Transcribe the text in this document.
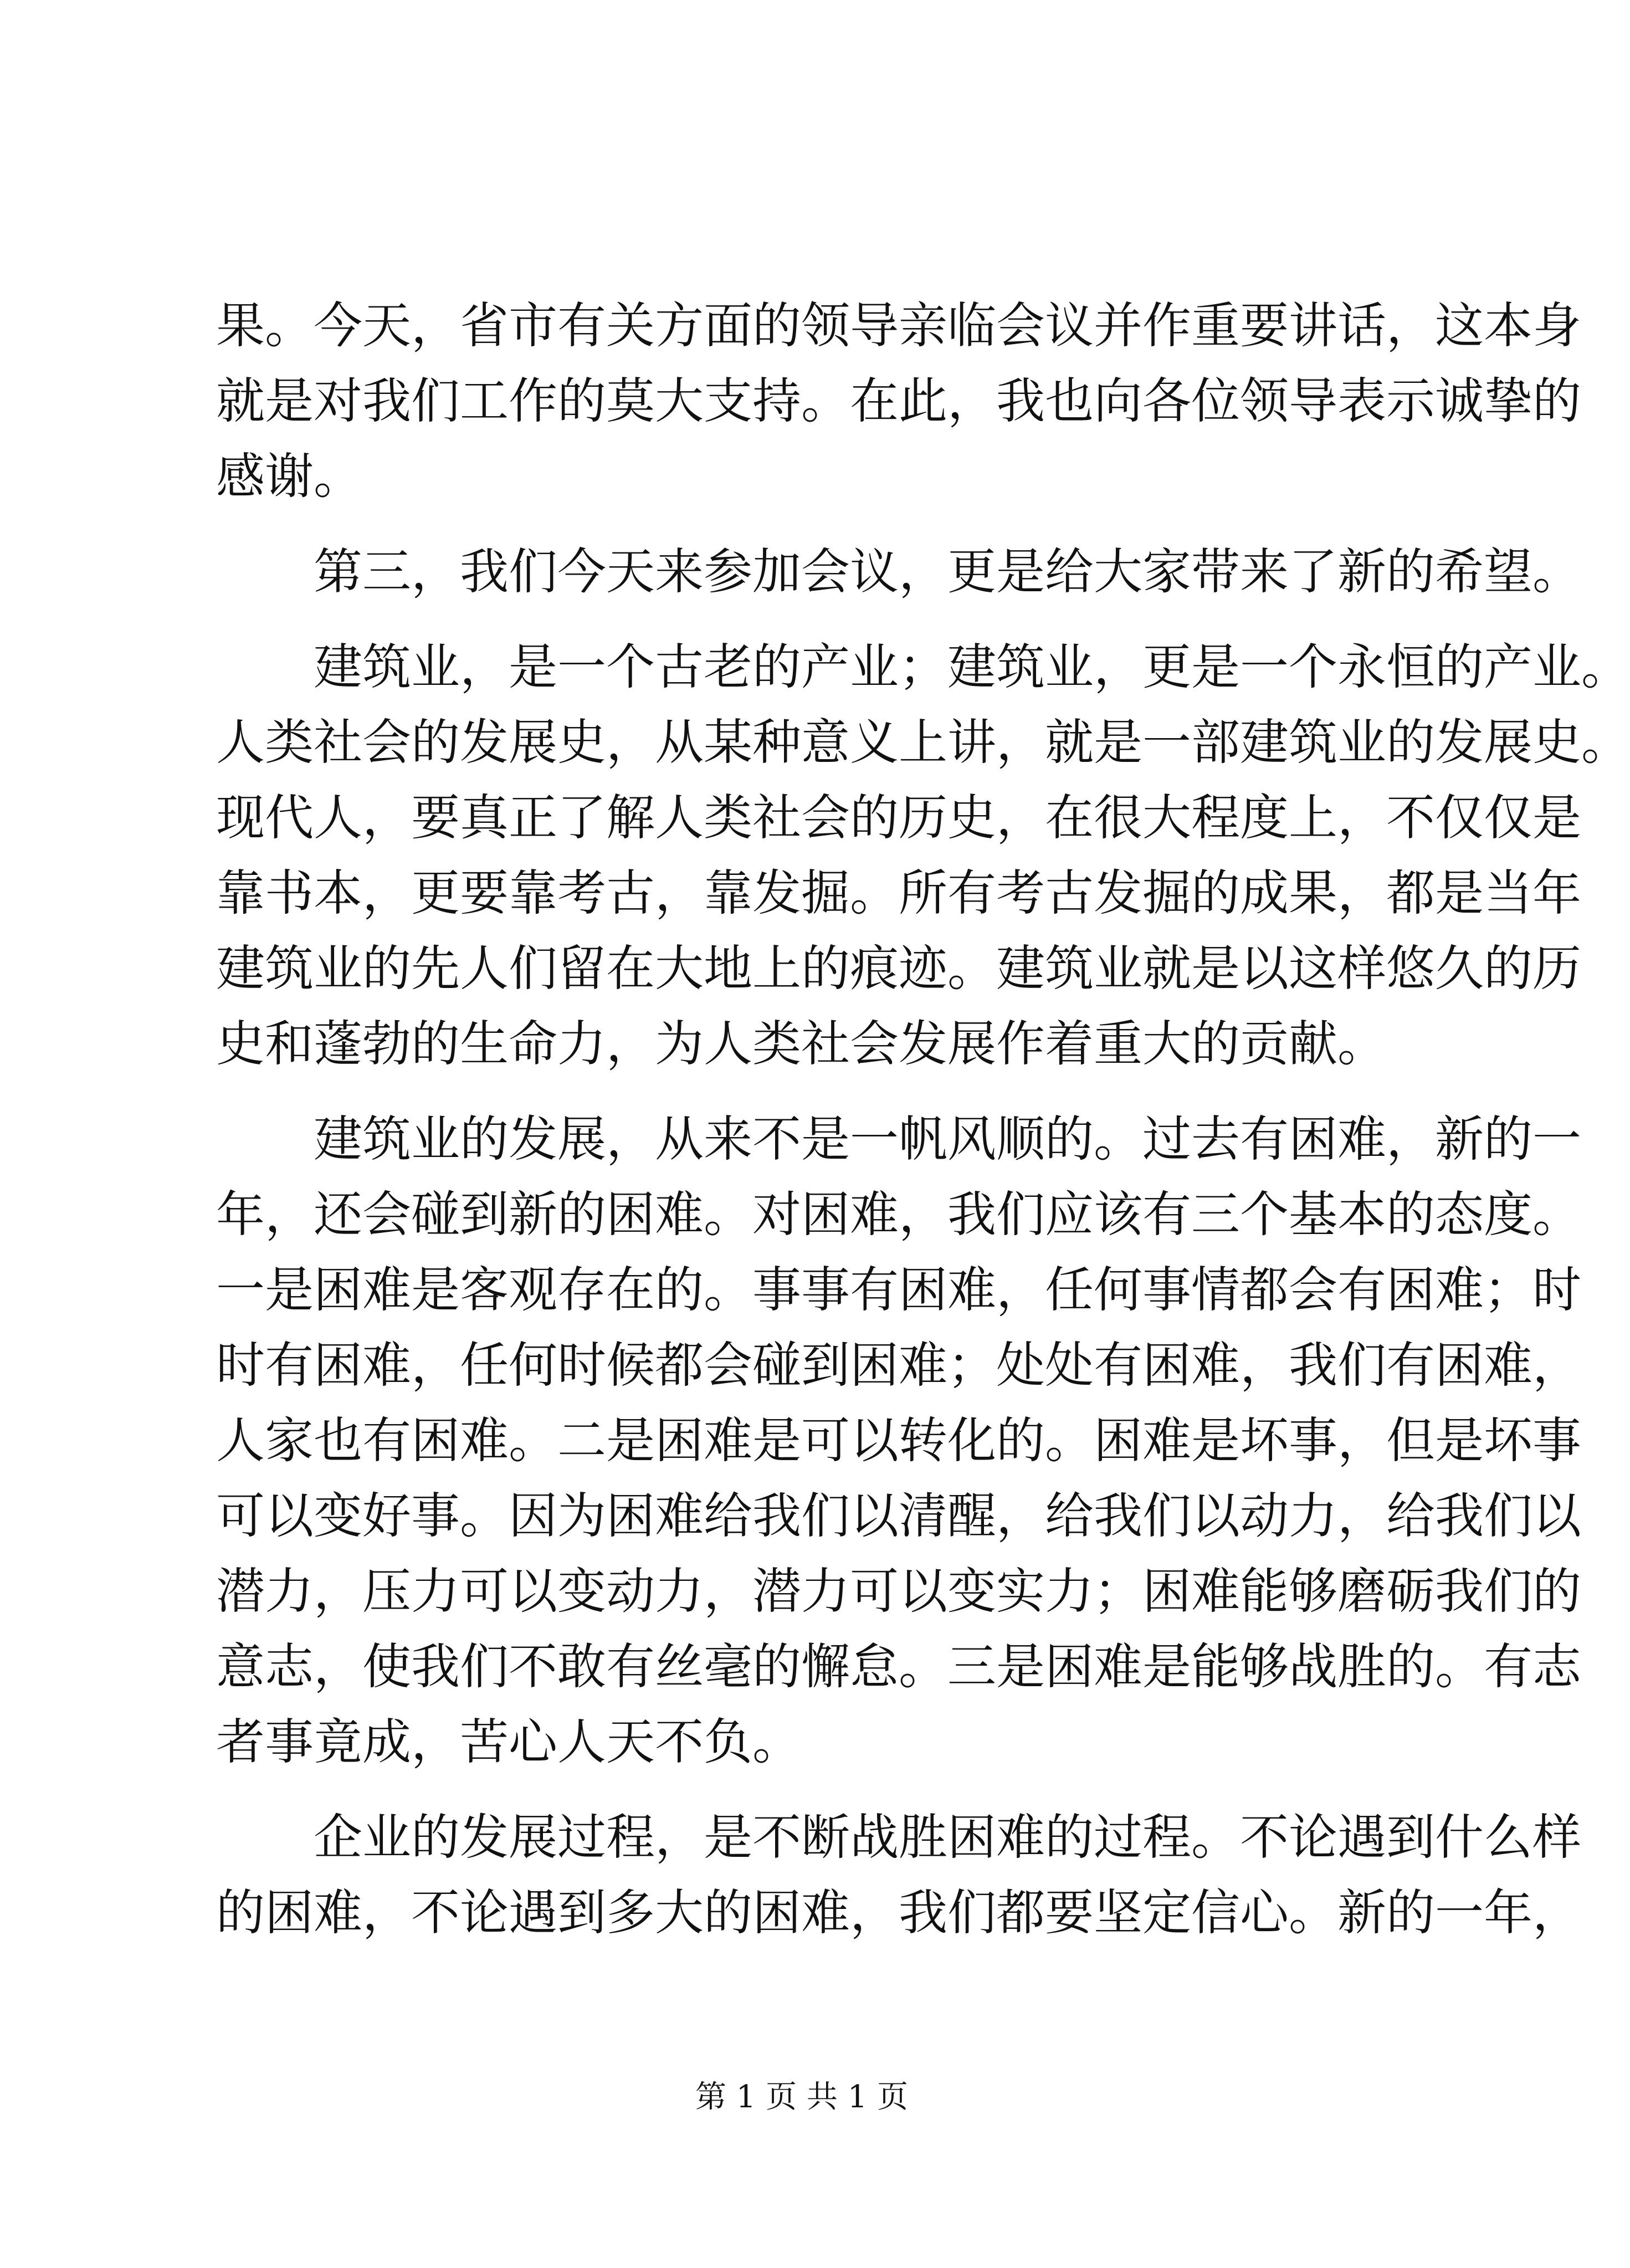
果。今天，省市有关方面的领导亲临会议并作重要讲话，这本身
就是对我们工作的莫大支持。在此，我也向各位领导表示诚挚的
感谢。
　　第三，我们今天来参加会议，更是给大家带来了新的希望。
　　建筑业，是一个古老的产业；建筑业，更是一个永恒的产业。
人类社会的发展史，从某种意义上讲，就是一部建筑业的发展史。
现代人，要真正了解人类社会的历史，在很大程度上，不仅仅是
靠书本，更要靠考古，靠发掘。所有考古发掘的成果，都是当年
建筑业的先人们留在大地上的痕迹。建筑业就是以这样悠久的历
史和蓬勃的生命力，为人类社会发展作着重大的贡献。
　　建筑业的发展，从来不是一帆风顺的。过去有困难，新的一
年，还会碰到新的困难。对困难，我们应该有三个基本的态度。
一是困难是客观存在的。事事有困难，任何事情都会有困难；时
时有困难，任何时候都会碰到困难；处处有困难，我们有困难，
人家也有困难。二是困难是可以转化的。困难是坏事，但是坏事
可以变好事。因为困难给我们以清醒，给我们以动力，给我们以
潜力，压力可以变动力，潜力可以变实力；困难能够磨砺我们的
意志，使我们不敢有丝毫的懈怠。三是困难是能够战胜的。有志
者事竟成，苦心人天不负。
　　企业的发展过程，是不断战胜困难的过程。不论遇到什么样
的困难，不论遇到多大的困难，我们都要坚定信心。新的一年，
第 1 页 共 1 页
